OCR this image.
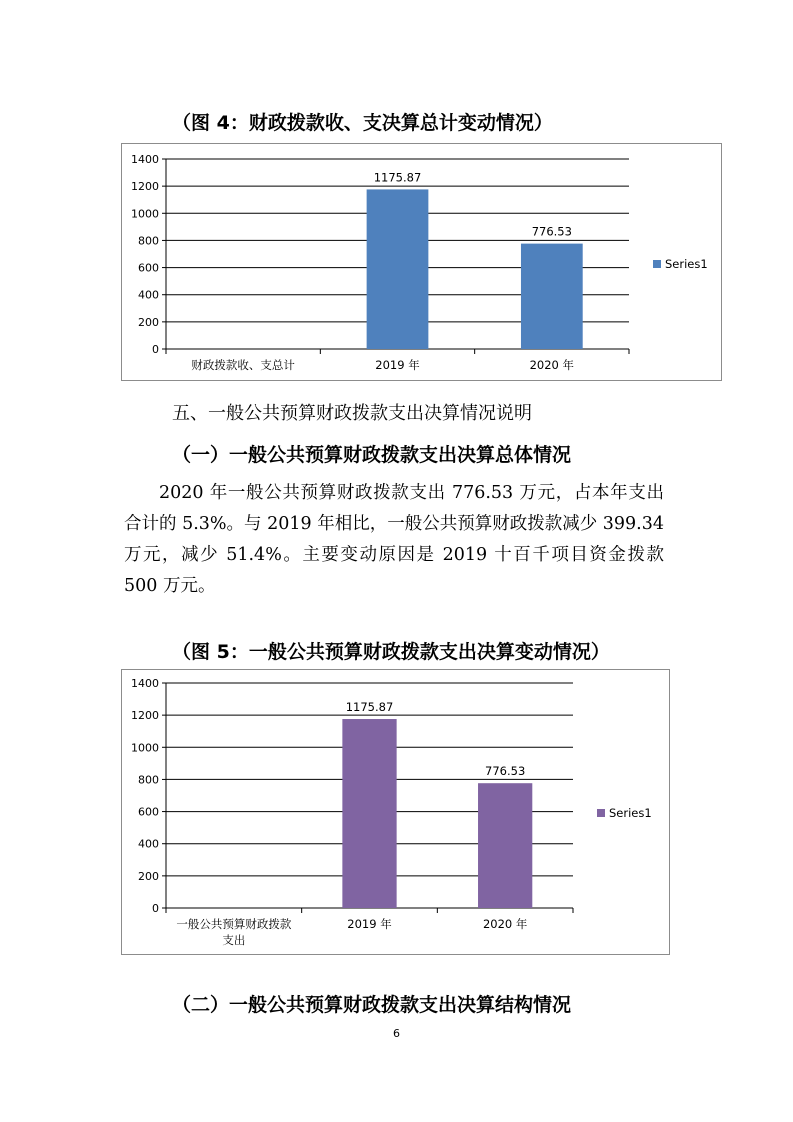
（图 4：财政拨款收、支决算总计变动情况）
0
200
400
600
800
1000
1200
1400
1175.87
776.53
财政拨款收、支总计	2019 年	2020 年
Series1
五、一般公共预算财政拨款支出决算情况说明
（一）一般公共预算财政拨款支出决算总体情况

2020 年一般公共预算财政拨款支出 776.53 万元，占本年支出合计的 5.3%。与 2019 年相比，一般公共预算财政拨款减少 399.34 万元，减少 51.4%。主要变动原因是 2019 十百千项目资金拨款 500 万元。

（图 5：一般公共预算财政拨款支出决算变动情况）
0
200
400
600
800
1000
1200
1400
1175.87
776.53
一般公共预算财政拨款
支出
2019 年	2020 年
Series1
（二）一般公共预算财政拨款支出决算结构情况
6
